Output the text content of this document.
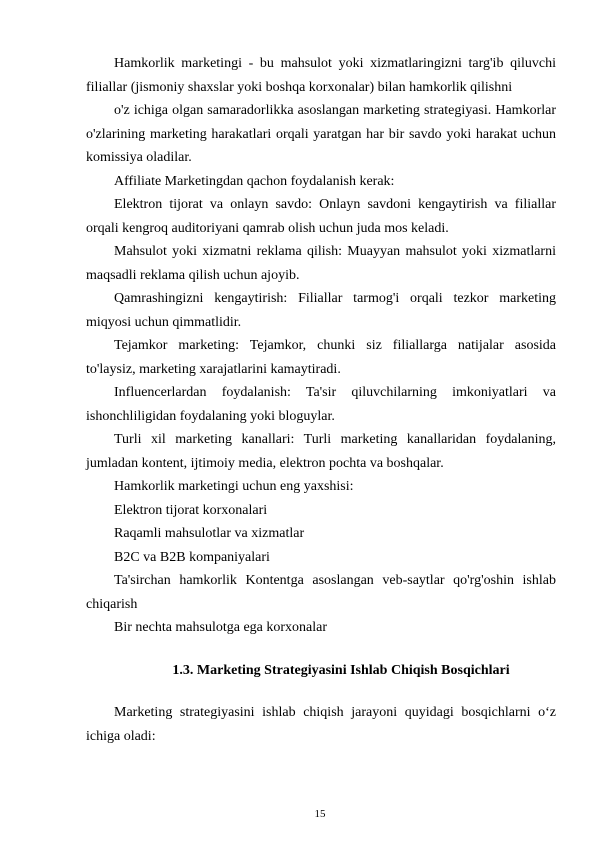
Hamkorlik marketingi - bu mahsulot yoki xizmatlaringizni targ'ib qiluvchi filiallar (jismoniy shaxslar yoki boshqa korxonalar) bilan hamkorlik qilishni

o'z ichiga olgan samaradorlikka asoslangan marketing strategiyasi. Hamkorlar o'zlarining marketing harakatlari orqali yaratgan har bir savdo yoki harakat uchun komissiya oladilar.

Affiliate Marketingdan qachon foydalanish kerak:

Elektron tijorat va onlayn savdo: Onlayn savdoni kengaytirish va filiallar orqali kengroq auditoriyani qamrab olish uchun juda mos keladi.

Mahsulot yoki xizmatni reklama qilish: Muayyan mahsulot yoki xizmatlarni maqsadli reklama qilish uchun ajoyib.

Qamrashingizni kengaytirish: Filiallar tarmog'i orqali tezkor marketing miqyosi uchun qimmatlidir.

Tejamkor marketing: Tejamkor, chunki siz filiallarga natijalar asosida to'laysiz, marketing xarajatlarini kamaytiradi.

Influencerlardan foydalanish: Ta'sir qiluvchilarning imkoniyatlari va ishonchliligidan foydalaning yoki bloguylar.

Turli xil marketing kanallari: Turli marketing kanallaridan foydalaning, jumladan kontent, ijtimoiy media, elektron pochta va boshqalar.

Hamkorlik marketingi uchun eng yaxshisi:

Elektron tijorat korxonalari

Raqamli mahsulotlar va xizmatlar

B2C va B2B kompaniyalari

Ta'sirchan hamkorlik Kontentga asoslangan veb-saytlar qo'rg'oshin ishlab chiqarish

Bir nechta mahsulotga ega korxonalar

1.3. Marketing Strategiyasini Ishlab Chiqish Bosqichlari

Marketing strategiyasini ishlab chiqish jarayoni quyidagi bosqichlarni o‘z ichiga oladi:

15
